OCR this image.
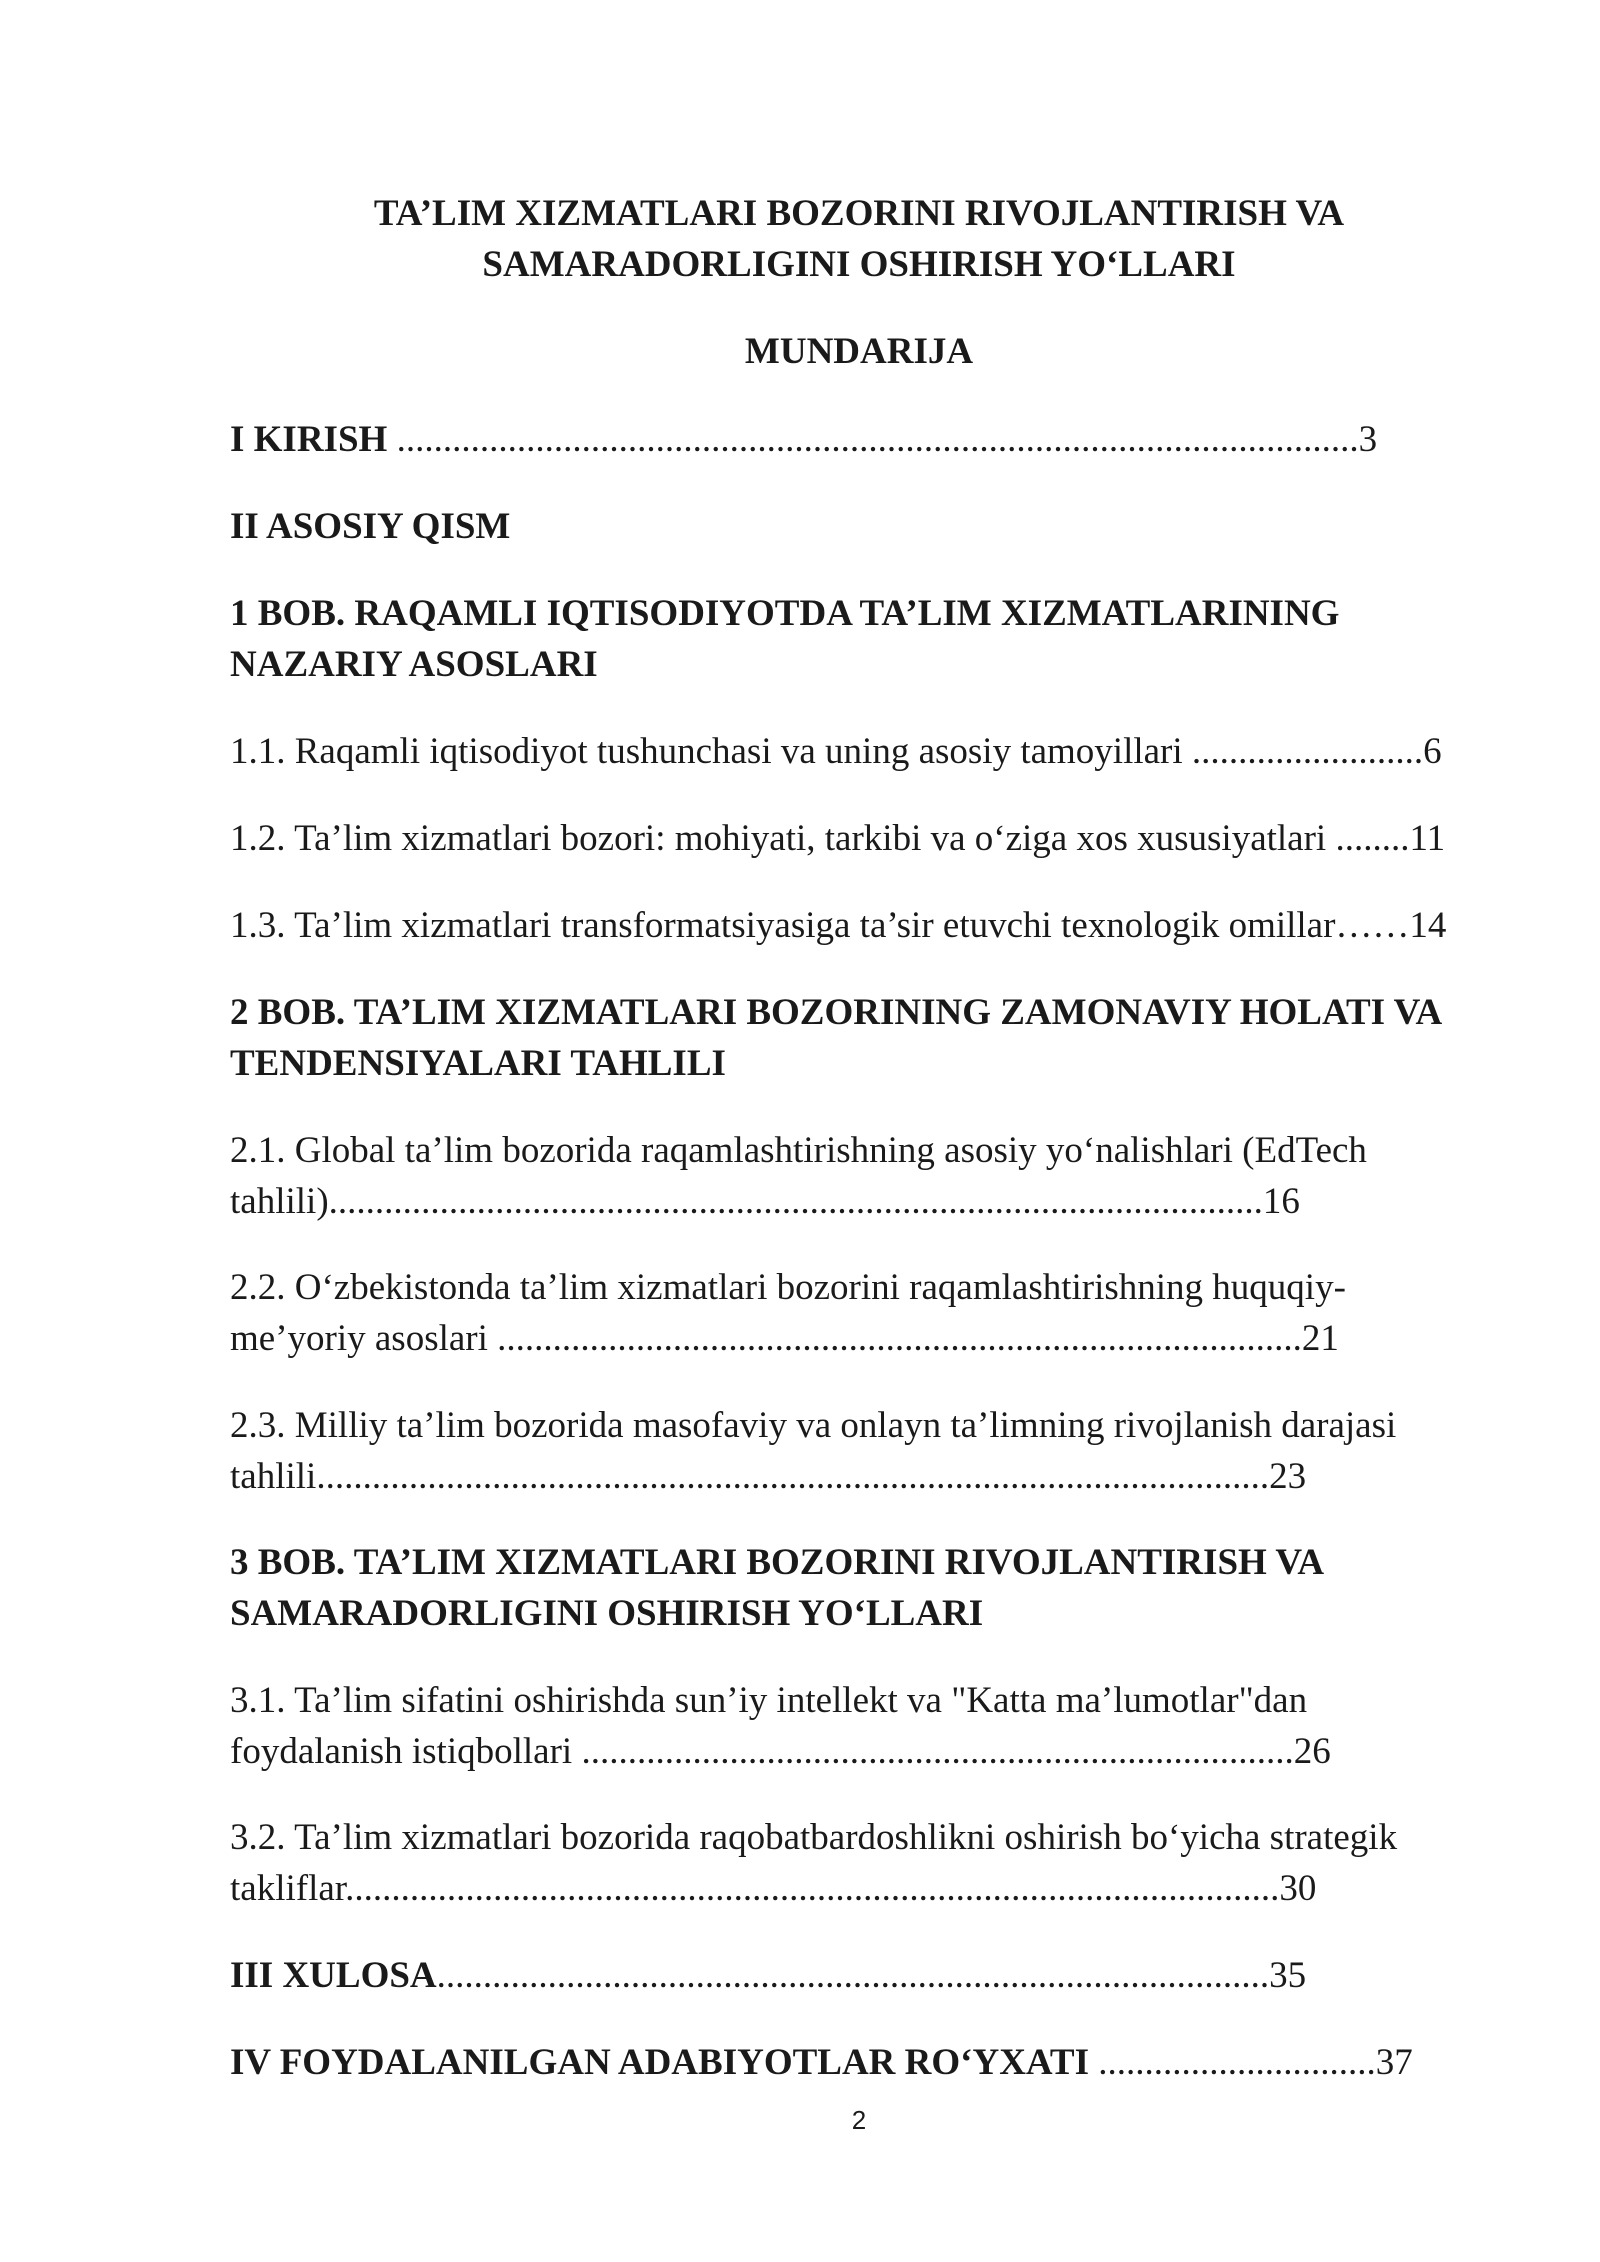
TA’LIM XIZMATLARI BOZORINI RIVOJLANTIRISH VA
SAMARADORLIGINI OSHIRISH YO‘LLARI
MUNDARIJA
I KIRISH ........................................................................................................3
II ASOSIY QISM
1 BOB. RAQAMLI IQTISODIYOTDA TA’LIM XIZMATLARINING
NAZARIY ASOSLARI
1.1. Raqamli iqtisodiyot tushunchasi va uning asosiy tamoyillari .........................6
1.2. Ta’lim xizmatlari bozori: mohiyati, tarkibi va o‘ziga xos xususiyatlari ........11
1.3. Ta’lim xizmatlari transformatsiyasiga ta’sir etuvchi texnologik omillar……14
2 BOB. TA’LIM XIZMATLARI BOZORINING ZAMONAVIY HOLATI VA
TENDENSIYALARI TAHLILI
2.1. Global ta’lim bozorida raqamlashtirishning asosiy yo‘nalishlari (EdTech
tahlili).....................................................................................................16
2.2. O‘zbekistonda ta’lim xizmatlari bozorini raqamlashtirishning huquqiy-
me’yoriy asoslari .......................................................................................21
2.3. Milliy ta’lim bozorida masofaviy va onlayn ta’limning rivojlanish darajasi
tahlili.......................................................................................................23
3 BOB. TA’LIM XIZMATLARI BOZORINI RIVOJLANTIRISH VA
SAMARADORLIGINI OSHIRISH YO‘LLARI
3.1. Ta’lim sifatini oshirishda sun’iy intellekt va "Katta ma’lumotlar"dan
foydalanish istiqbollari .............................................................................26
3.2. Ta’lim xizmatlari bozorida raqobatbardoshlikni oshirish bo‘yicha strategik
takliflar.....................................................................................................30
III XULOSA..........................................................................................35
IV FOYDALANILGAN ADABIYOTLAR RO‘YXATI ..............................37
2
